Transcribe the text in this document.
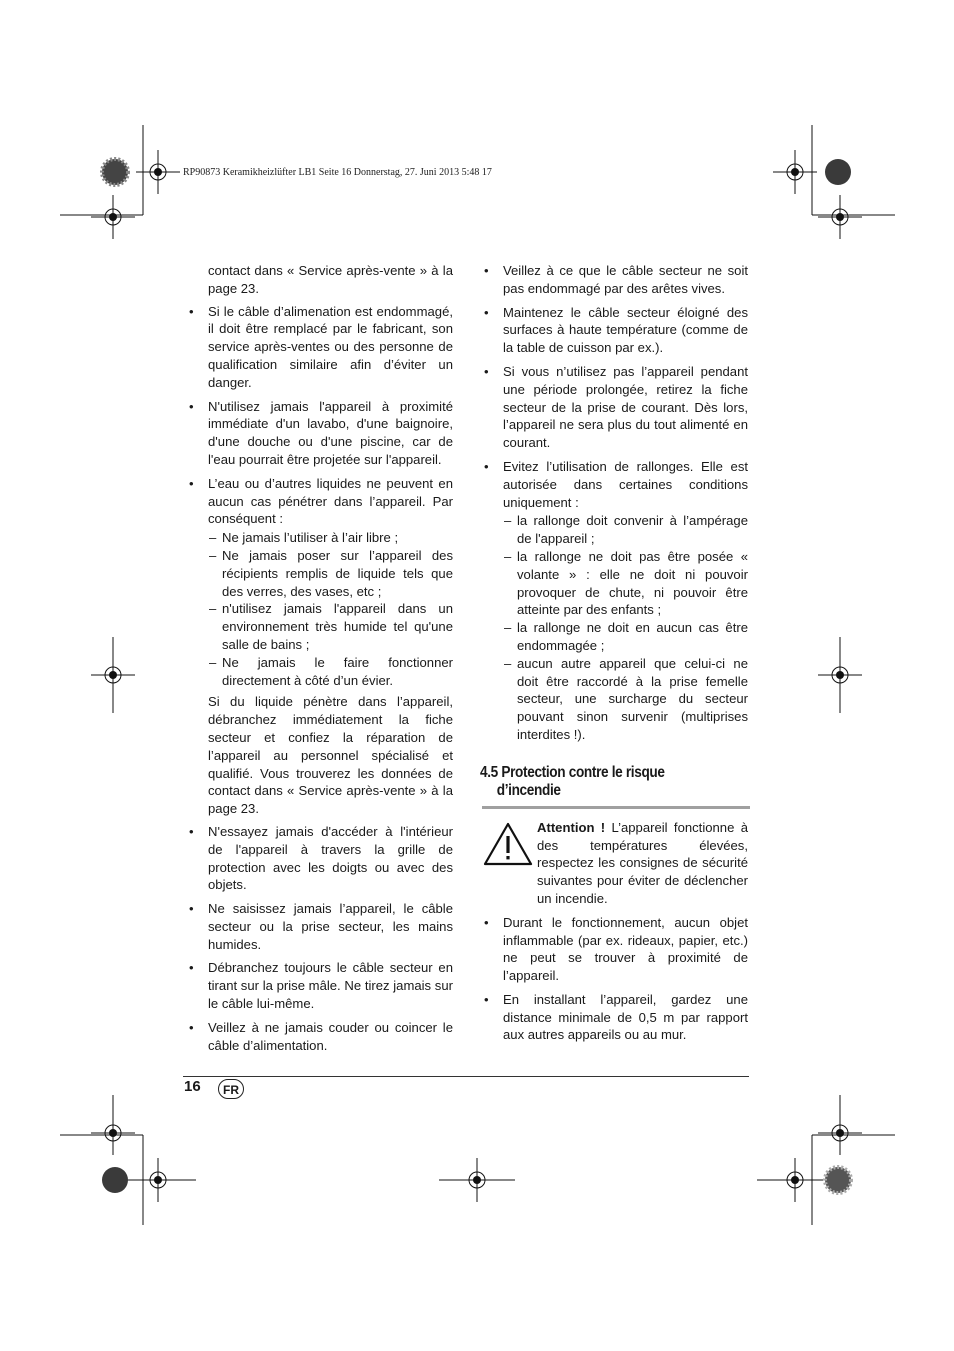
RP90873 Keramikheizlüfter LB1 Seite 16 Donnerstag, 27. Juni 2013 5:48 17

contact dans « Service après-vente » à la page 23.

• Si le câble d’alimenation est endommagé, il doit être remplacé par le fabricant, son service après-ventes ou des personne de qualification similaire afin d’éviter un danger.
• N'utilisez jamais l'appareil à proximité immédiate d'un lavabo, d'une baignoire, d'une douche ou d'une piscine, car de l'eau pourrait être projetée sur l'appareil.
• L’eau ou d’autres liquides ne peuvent en aucun cas pénétrer dans l’appareil. Par conséquent :
– Ne jamais l’utiliser à l’air libre ;
– Ne jamais poser sur l’appareil des récipients remplis de liquide tels que des verres, des vases, etc ;
– n'utilisez jamais l'appareil dans un environnement très humide tel qu'une salle de bains ;
– Ne jamais le faire fonctionner directement à côté d’un évier.

Si du liquide pénètre dans l’appareil, débranchez immédiatement la fiche secteur et confiez la réparation de l’appareil au personnel spécialisé et qualifié. Vous trouverez les données de contact dans « Service après-vente » à la page 23.

• N'essayez jamais d'accéder à l'intérieur de l'appareil à travers la grille de protection avec les doigts ou avec des objets.
• Ne saisissez jamais l’appareil, le câble secteur ou la prise secteur, les mains humides.
• Débranchez toujours le câble secteur en tirant sur la prise mâle. Ne tirez jamais sur le câble lui-même.
• Veillez à ne jamais couder ou coincer le câble d’alimentation.
• Veillez à ce que le câble secteur ne soit pas endommagé par des arêtes vives.
• Maintenez le câble secteur éloigné des surfaces à haute température (comme de la table de cuisson par ex.).
• Si vous n’utilisez pas l’appareil pendant une période prolongée, retirez la fiche secteur de la prise de courant. Dès lors, l’appareil ne sera plus du tout alimenté en courant.
• Evitez l’utilisation de rallonges. Elle est autorisée dans certaines conditions uniquement :
– la rallonge doit convenir à l’ampérage de l'appareil ;
– la rallonge ne doit pas être posée « volante » : elle ne doit ni pouvoir provoquer de chute, ni pouvoir être atteinte par des enfants ;
– la rallonge ne doit en aucun cas être endommagée ;
– aucun autre appareil que celui-ci ne doit être raccordé à la prise femelle secteur, une surcharge du secteur pouvant sinon survenir (multiprises interdites !).
4.5 Protection contre le risque
d’incendie
Attention ! L’appareil fonctionne à des températures élevées, respectez les consignes de sécurité suivantes pour éviter de déclencher un incendie.
• Durant le fonctionnement, aucun objet inflammable (par ex. rideaux, papier, etc.) ne peut se trouver à proximité de l’appareil.
• En installant l’appareil, gardez une distance minimale de 0,5 m par rapport aux autres appareils ou au mur.
16	FR
